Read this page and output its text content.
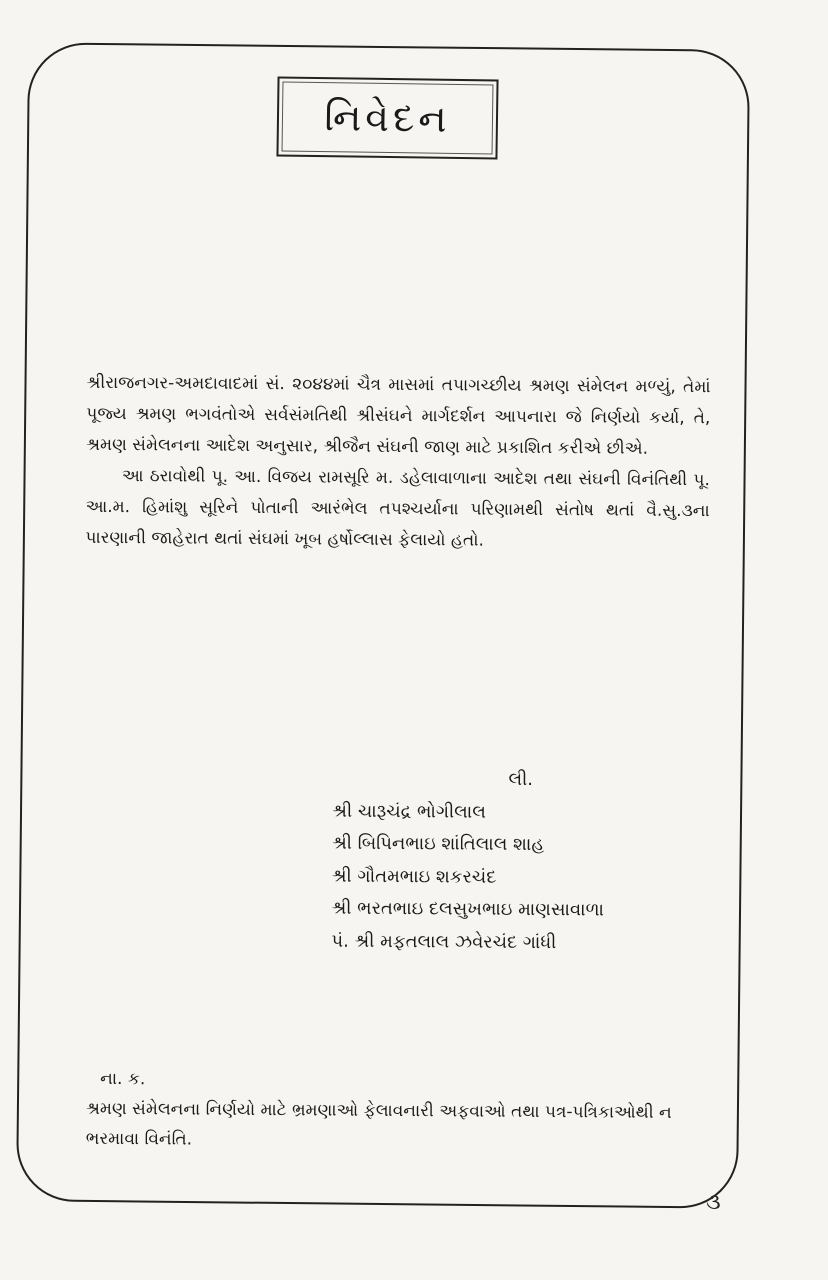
નિવેદન

શ્રીરાજનગર-અમદાવાદમાં સં. ૨૦૪૪માં ચૈત્ર માસમાં તપાગચ્છીય શ્રમણ સંમેલન મળ્યું, તેમાં પૂજ્ય શ્રમણ ભગવંતોએ સર્વસંમતિથી શ્રીસંઘને માર્ગદર્શન આપનારા જે નિર્ણયો કર્યા, તે, શ્રમણ સંમેલનના આદેશ અનુસાર, શ્રીજૈન સંઘની જાણ માટે પ્રકાશિત કરીએ છીએ.

આ ઠરાવોથી પૂ. આ. વિજય રામસૂરિ મ. ડહેલાવાળાના આદેશ તથા સંઘની વિનંતિથી પૂ. આ.મ. હિમાંશુ સૂરિને પોતાની આરંભેલ તપશ્ચર્યાના પરિણામથી સંતોષ થતાં વૈ.સુ.૩ના પારણાની જાહેરાત થતાં સંઘમાં ખૂબ હર્ષોલ્લાસ ફેલાયો હતો.

લી.
શ્રી ચારૂચંદ્ર ભોગીલાલ
શ્રી બિપિનભાઇ શાંતિલાલ શાહ
શ્રી ગૌતમભાઇ શકરચંદ
શ્રી ભરતભાઇ દલસુખભાઇ માણસાવાળા
પં. શ્રી મફતલાલ ઝવેરચંદ ગાંધી
ના. ક.
શ્રમણ સંમેલનના નિર્ણયો માટે ભ્રમણાઓ ફેલાવનારી અફવાઓ તથા પત્ર-પત્રિકાઓથી ન ભરમાવા વિનંતિ.
૩
